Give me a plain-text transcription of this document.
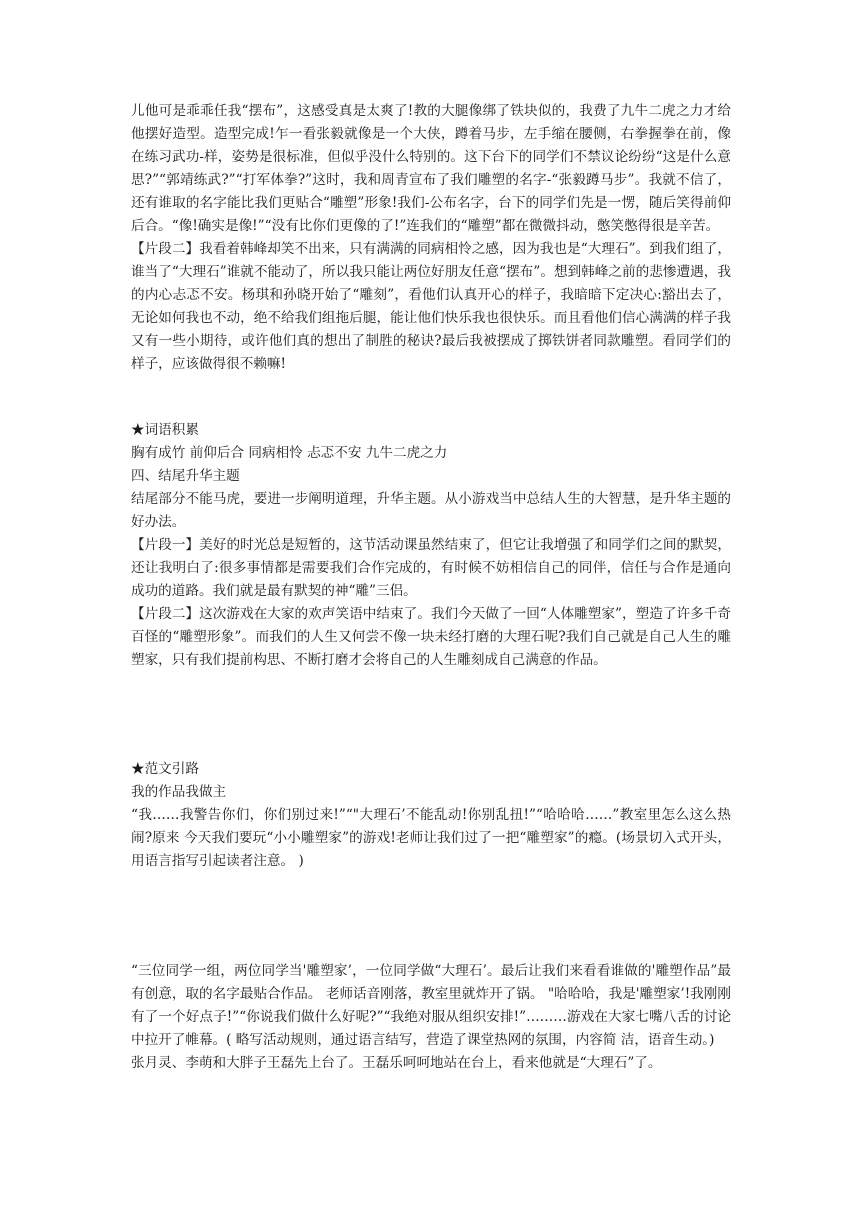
儿他可是乖乖任我“摆布”，这感受真是太爽了!教的大腿像绑了铁块似的，我费了九牛二虎之力才给他摆好造型。造型完成!乍一看张毅就像是一个大侠，蹲着马步，左手缩在腰侧，右拳握拳在前，像在练习武功-样，姿势是很标准，但似乎没什么特别的。这下台下的同学们不禁议论纷纷“这是什么意思?”“郭靖练武?”“打军体拳?”这时，我和周青宣布了我们雕塑的名字-“张毅蹲马步”。我就不信了，还有谁取的名字能比我们更贴合“雕塑”形象!我们-公布名字，台下的同学们先是一愣，随后笑得前仰后合。“像!确实是像!”“没有比你们更像的了!”连我们的“雕塑”都在微微抖动，憋笑憋得很是辛苦。

【片段二】我看着韩峰却笑不出来，只有满满的同病相怜之感，因为我也是“大理石”。到我们组了，谁当了“大理石”谁就不能动了，所以我只能让两位好朋友任意“摆布”。想到韩峰之前的悲惨遭遇，我的内心忐忑不安。杨琪和孙晓开始了“雕刻”，看他们认真开心的样子，我暗暗下定决心:豁出去了，无论如何我也不动，绝不给我们组拖后腿，能让他们快乐我也很快乐。而且看他们信心满满的样子我又有一些小期待，或许他们真的想出了制胜的秘诀?最后我被摆成了掷铁饼者同款雕塑。看同学们的样子，应该做得很不赖嘛!

★词语积累

胸有成竹 前仰后合 同病相怜 忐忑不安 九牛二虎之力

四、结尾升华主题

结尾部分不能马虎，要进一步阐明道理，升华主题。从小游戏当中总结人生的大智慧，是升华主题的好办法。

【片段一】美好的时光总是短暂的，这节活动课虽然结束了，但它让我增强了和同学们之间的默契，还让我明白了:很多事情都是需要我们合作完成的，有时候不妨相信自己的同伴，信任与合作是通向成功的道路。我们就是最有默契的神“雕”三侣。

【片段二】这次游戏在大家的欢声笑语中结束了。我们今天做了一回“人体雕塑家”，塑造了许多千奇百怪的“雕塑形象”。而我们的人生又何尝不像一块未经打磨的大理石呢?我们自己就是自己人生的雕塑家，只有我们提前构思、不断打磨才会将自己的人生雕刻成自己满意的作品。

★范文引路

我的作品我做主

“我……我警告你们，你们别过来!”“"大理石’不能乱动!你别乱扭!”“哈哈哈……”教室里怎么这么热闹?原来 今天我们要玩“小小雕塑家”的游戏!老师让我们过了一把“雕塑家”的瘾。(场景切入式开头，用语言指写引起读者注意。 )

“三位同学一组，两位同学当'雕塑家’，一位同学做“大理石’。最后让我们来看看谁做的'雕塑作品”最有创意，取的名字最贴合作品。 老师话音刚落，教室里就炸开了锅。 "哈哈哈，我是'雕塑家’!我刚刚有了一个好点子!”“你说我们做什么好呢?”“我绝对服从组织安排!”………游戏在大家七嘴八舌的讨论中拉开了帷幕。( 略写活动规则，通过语言结写，营造了课堂热网的氛围，内容简 洁，语音生动。)

张月灵、李萌和大胖子王磊先上台了。王磊乐呵呵地站在台上，看来他就是“大理石”了。
